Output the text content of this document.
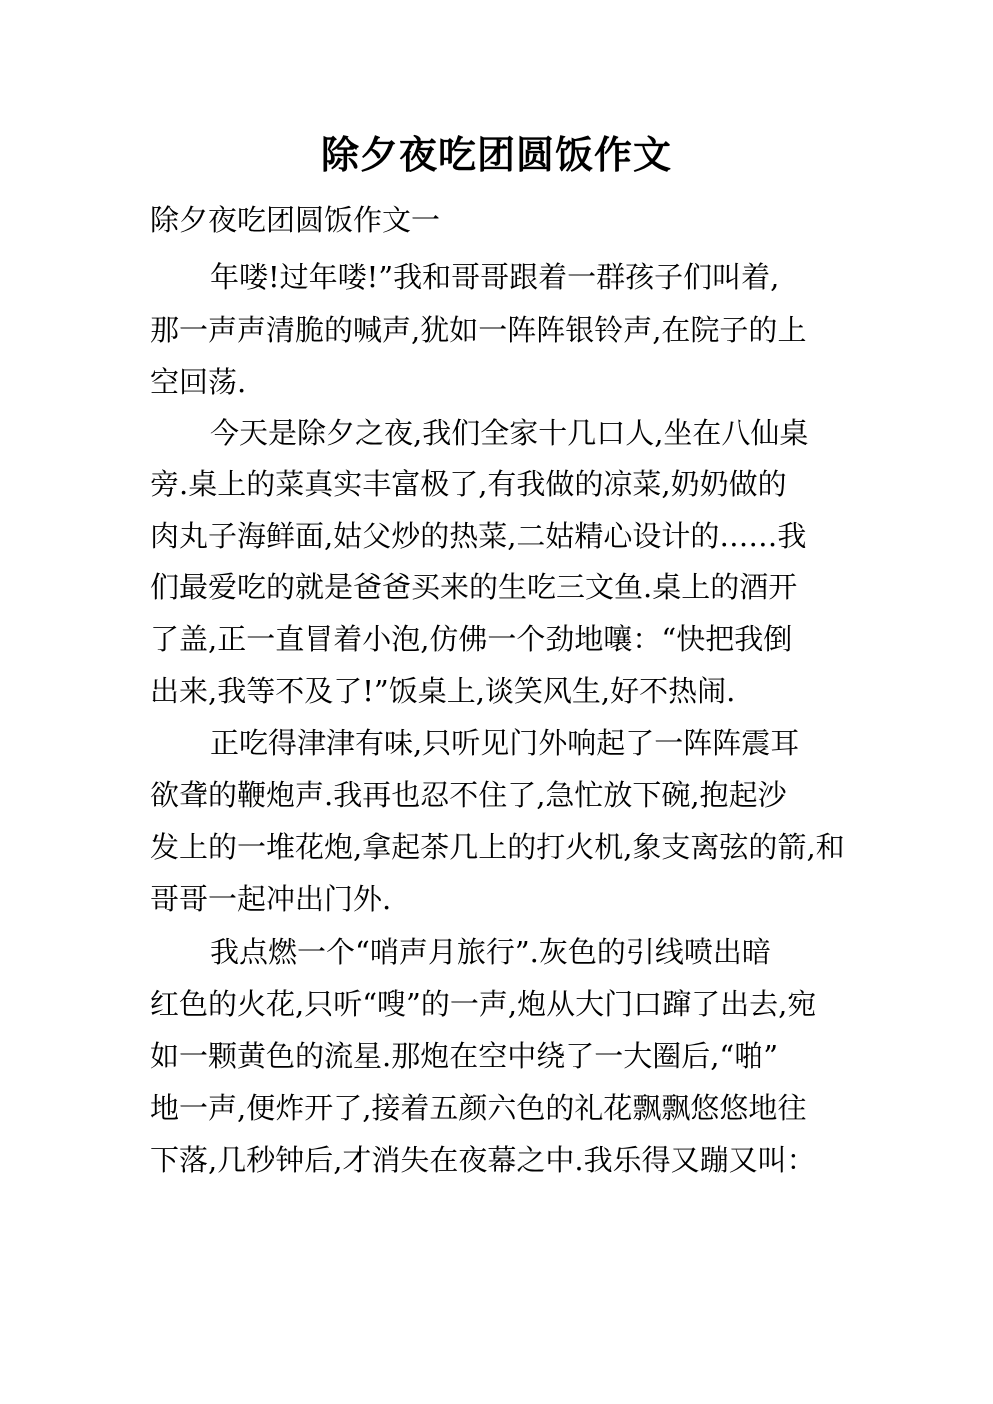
除夕夜吃团圆饭作文

除夕夜吃团圆饭作文一

年喽!过年喽!”我和哥哥跟着一群孩子们叫着,

那一声声清脆的喊声,犹如一阵阵银铃声,在院子的上

空回荡.

今天是除夕之夜,我们全家十几口人,坐在八仙桌

旁.桌上的菜真实丰富极了,有我做的凉菜,奶奶做的

肉丸子海鲜面,姑父炒的热菜,二姑精心设计的……我

们最爱吃的就是爸爸买来的生吃三文鱼.桌上的酒开

了盖,正一直冒着小泡,仿佛一个劲地嚷：“快把我倒

出来,我等不及了!”饭桌上,谈笑风生,好不热闹.

正吃得津津有味,只听见门外响起了一阵阵震耳

欲聋的鞭炮声.我再也忍不住了,急忙放下碗,抱起沙

发上的一堆花炮,拿起茶几上的打火机,象支离弦的箭,和

哥哥一起冲出门外.

我点燃一个“哨声月旅行”.灰色的引线喷出暗

红色的火花,只听“嗖”的一声,炮从大门口蹿了出去,宛

如一颗黄色的流星.那炮在空中绕了一大圈后,“啪”

地一声,便炸开了,接着五颜六色的礼花飘飘悠悠地往

下落,几秒钟后,才消失在夜幕之中.我乐得又蹦又叫：
